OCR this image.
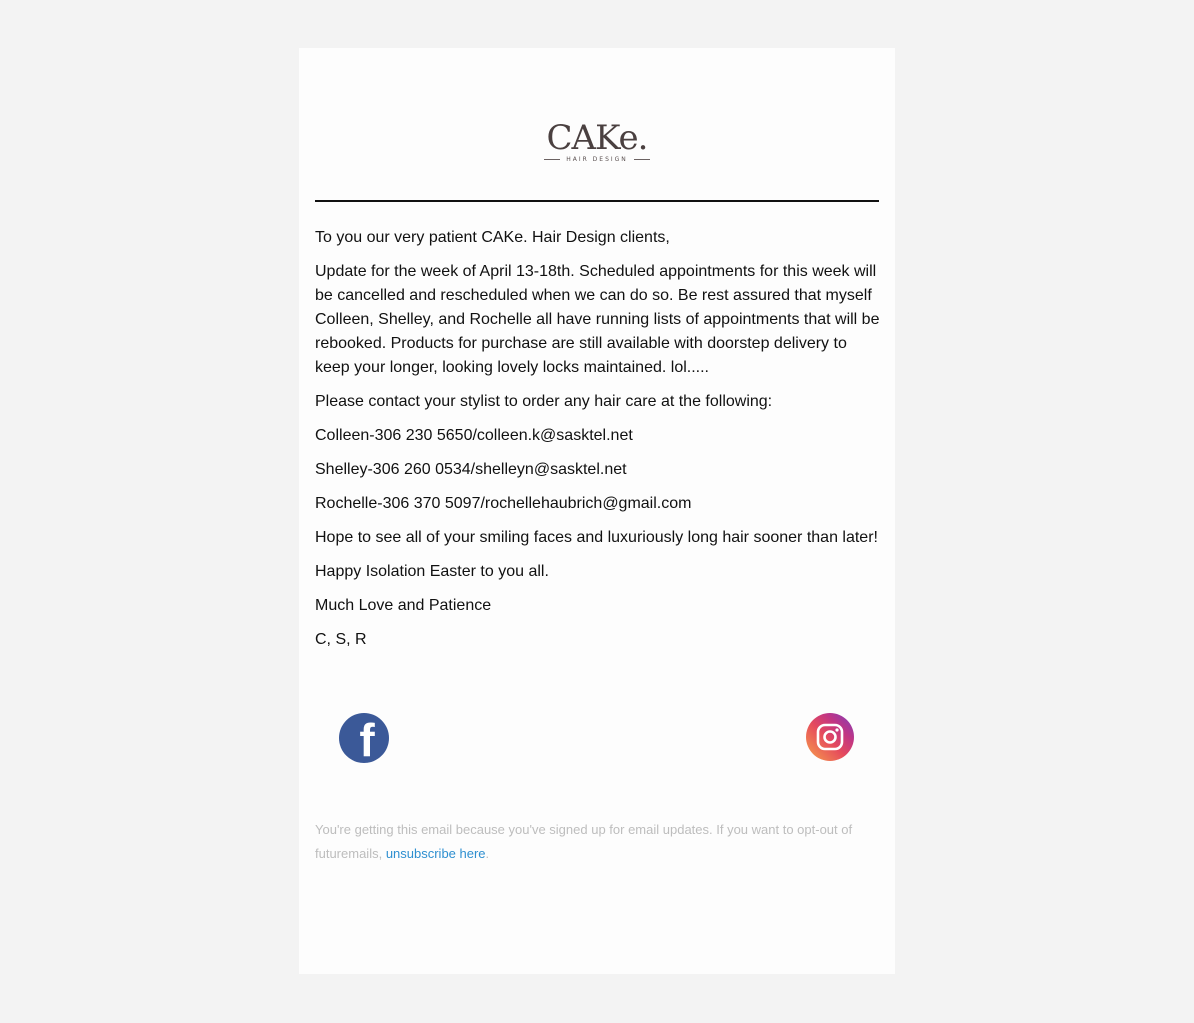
CAKe.
HAIR DESIGN

To you our very patient CAKe. Hair Design clients,

Update for the week of April 13-18th. Scheduled appointments for this week will be cancelled and rescheduled when we can do so. Be rest assured that myself Colleen, Shelley, and Rochelle all have running lists of appointments that will be rebooked. Products for purchase are still available with doorstep delivery to keep your longer, looking lovely locks maintained. lol.....

Please contact your stylist to order any hair care at the following:

Colleen-306 230 5650/colleen.k@sasktel.net

Shelley-306 260 0534/shelleyn@sasktel.net

Rochelle-306 370 5097/rochellehaubrich@gmail.com

Hope to see all of your smiling faces and luxuriously long hair sooner than later!

Happy Isolation Easter to you all.

Much Love and Patience

C, S, R

f
You're getting this email because you've signed up for email updates. If you want to opt-out of futuremails, unsubscribe here.
